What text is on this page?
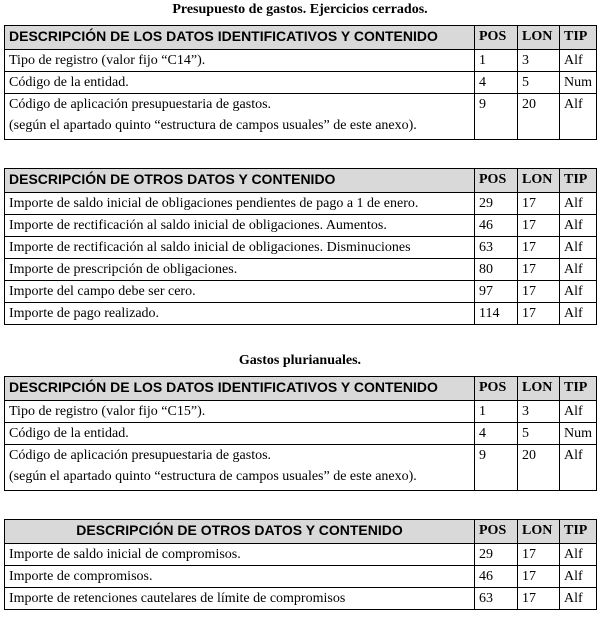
Presupuesto de gastos. Ejercicios cerrados.
DESCRIPCIÓN DE LOS DATOS IDENTIFICATIVOS Y CONTENIDO	POS	LON	TIP
Tipo de registro (valor fijo “C14”).	1	3	Alf
Código de la entidad.	4	5	Num

Código de aplicación presupuestaria de gastos.
(según el apartado quinto “estructura de campos usuales” de este anexo).	9	20	Alf
DESCRIPCIÓN DE OTROS DATOS Y CONTENIDO	POS	LON	TIP
Importe de saldo inicial de obligaciones pendientes de pago a 1 de enero.	29	17	Alf
Importe de rectificación al saldo inicial de obligaciones. Aumentos.	46	17	Alf
Importe de rectificación al saldo inicial de obligaciones. Disminuciones	63	17	Alf
Importe de prescripción de obligaciones.	80	17	Alf
Importe del campo debe ser cero.	97	17	Alf
Importe de pago realizado.	114	17	Alf
Gastos plurianuales.
DESCRIPCIÓN DE LOS DATOS IDENTIFICATIVOS Y CONTENIDO	POS	LON	TIP
Tipo de registro (valor fijo “C15”).	1	3	Alf
Código de la entidad.	4	5	Num

Código de aplicación presupuestaria de gastos.
(según el apartado quinto “estructura de campos usuales” de este anexo).	9	20	Alf
DESCRIPCIÓN DE OTROS DATOS Y CONTENIDO	POS	LON	TIP
Importe de saldo inicial de compromisos.	29	17	Alf
Importe de compromisos.	46	17	Alf
Importe de retenciones cautelares de límite de compromisos	63	17	Alf
